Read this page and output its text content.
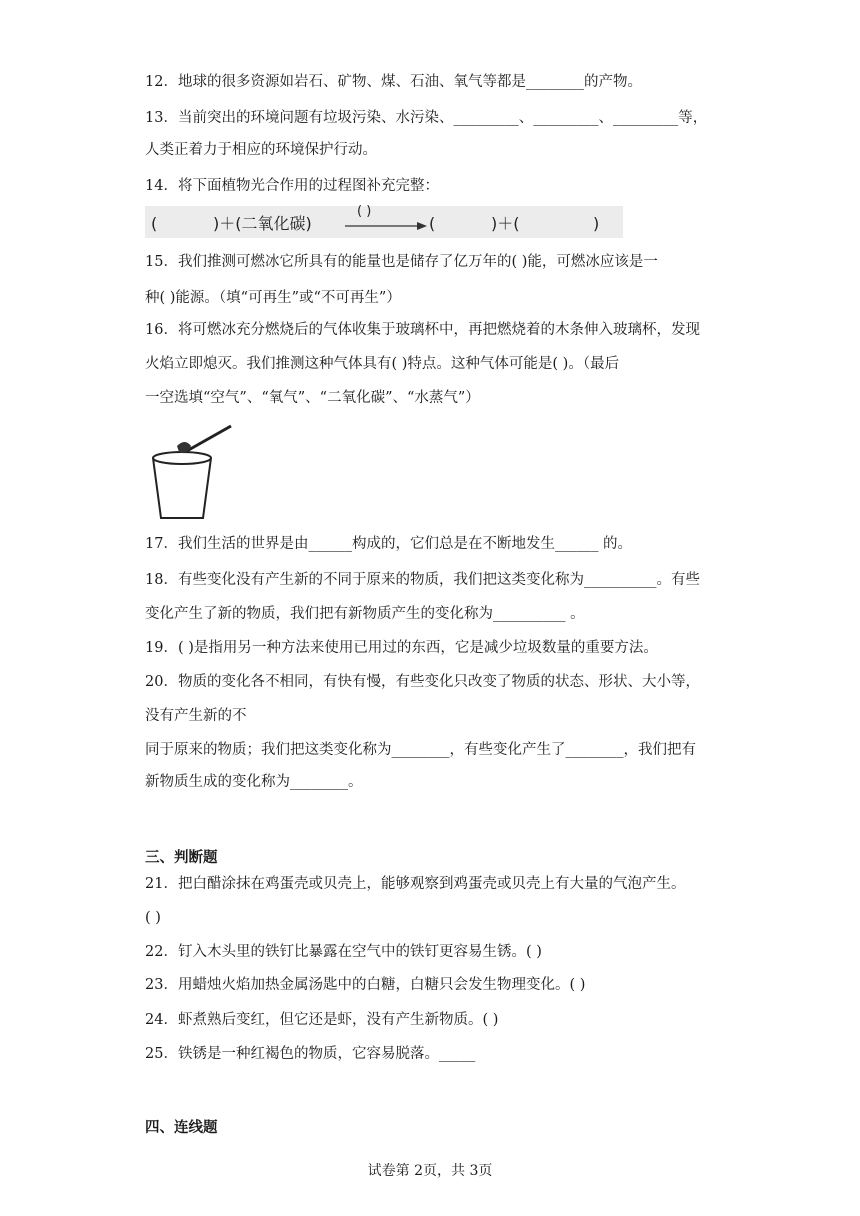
12．地球的很多资源如岩石、矿物、煤、石油、氧气等都是________的产物。
13．当前突出的环境问题有垃圾污染、水污染、_________、_________、_________等，
人类正着力于相应的环境保护行动。
14．将下面植物光合作用的过程图补充完整：
(	)＋(二氧化碳)
( )
(	)＋(	)
15．我们推测可燃冰它所具有的能量也是储存了亿万年的( )能，可燃冰应该是一
种( )能源。（填“可再生”或“不可再生”）
16．将可燃冰充分燃烧后的气体收集于玻璃杯中，再把燃烧着的木条伸入玻璃杯，发现
火焰立即熄灭。我们推测这种气体具有( )特点。这种气体可能是( )。（最后
一空选填“空气”、“氧气”、“二氧化碳”、“水蒸气”）
17．我们生活的世界是由______构成的，它们总是在不断地发生______ 的。
18．有些变化没有产生新的不同于原来的物质，我们把这类变化称为__________。有些
变化产生了新的物质，我们把有新物质产生的变化称为__________ 。
19．( )是指用另一种方法来使用已用过的东西，它是减少垃圾数量的重要方法。
20．物质的变化各不相同，有快有慢，有些变化只改变了物质的状态、形状、大小等，
没有产生新的不
同于原来的物质；我们把这类变化称为________，有些变化产生了________，我们把有
新物质生成的变化称为________。
三、判断题
21．把白醋涂抹在鸡蛋壳或贝壳上，能够观察到鸡蛋壳或贝壳上有大量的气泡产生。
( )
22．钉入木头里的铁钉比暴露在空气中的铁钉更容易生锈。( )
23．用蜡烛火焰加热金属汤匙中的白糖，白糖只会发生物理变化。( )
24．虾煮熟后变红，但它还是虾，没有产生新物质。( )
25．铁锈是一种红褐色的物质，它容易脱落。_____
四、连线题
试卷第 2页，共 3页
